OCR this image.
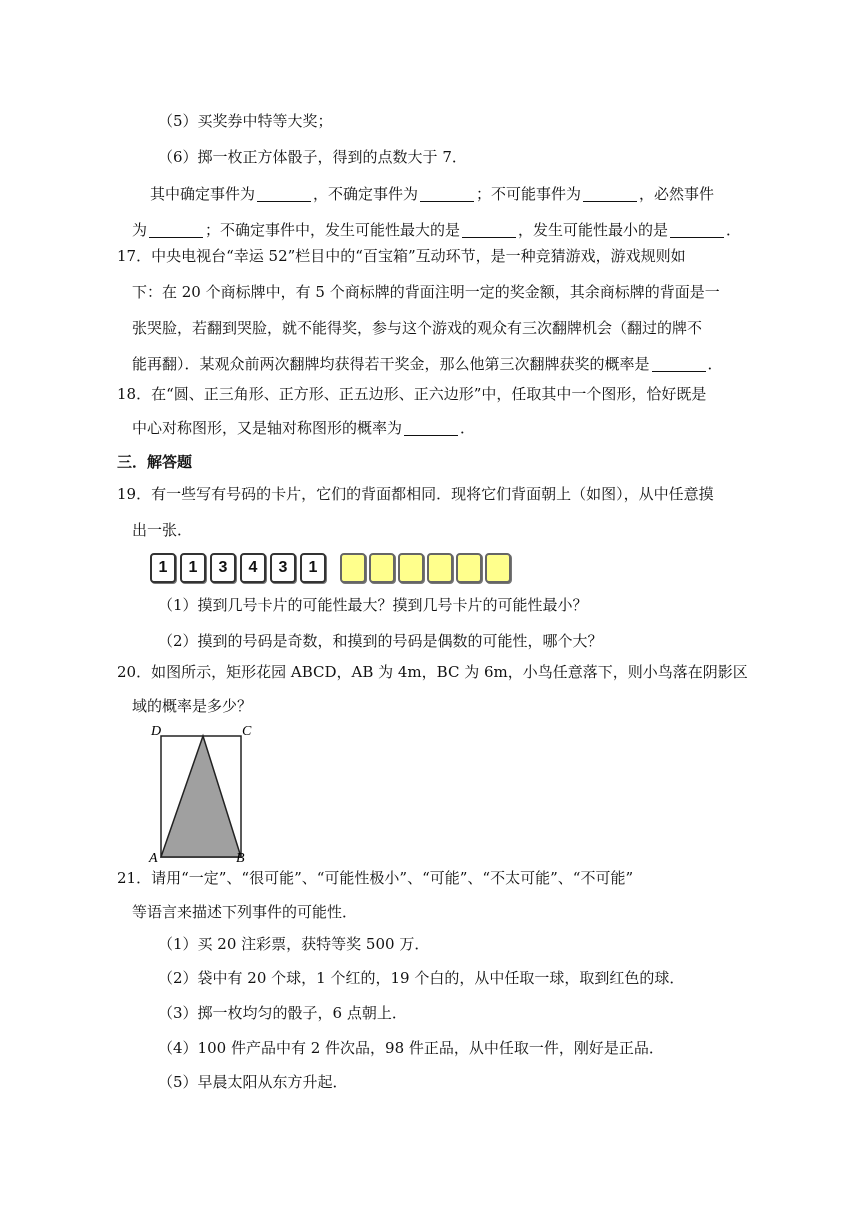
（5）买奖券中特等大奖；
（6）掷一枚正方体骰子，得到的点数大于 7．
其中确定事件为	，不确定事件为	；不可能事件为	，必然事件
为	；不确定事件中，发生可能性最大的是	，发生可能性最小的是	．
17．中央电视台“幸运 52”栏目中的“百宝箱”互动环节，是一种竞猜游戏，游戏规则如
下：在 20 个商标牌中，有 5 个商标牌的背面注明一定的奖金额，其余商标牌的背面是一
张哭脸，若翻到哭脸，就不能得奖，参与这个游戏的观众有三次翻牌机会（翻过的牌不
能再翻）．某观众前两次翻牌均获得若干奖金，那么他第三次翻牌获奖的概率是	．
18．在“圆、正三角形、正方形、正五边形、正六边形”中，任取其中一个图形，恰好既是
中心对称图形，又是轴对称图形的概率为	．
三．解答题
19．有一些写有号码的卡片，它们的背面都相同．现将它们背面朝上（如图），从中任意摸
出一张．
1	1	3	4	3	1
（1）摸到几号卡片的可能性最大？摸到几号卡片的可能性最小？
（2）摸到的号码是奇数，和摸到的号码是偶数的可能性，哪个大？
20．如图所示，矩形花园 ABCD，AB 为 4m，BC 为 6m，小鸟任意落下，则小鸟落在阴影区
域的概率是多少？
D	C
A	B
21．请用“一定”、“很可能”、“可能性极小”、“可能”、“不太可能”、“不可能”
等语言来描述下列事件的可能性．
（1）买 20 注彩票，获特等奖 500 万．
（2）袋中有 20 个球，1 个红的，19 个白的，从中任取一球，取到红色的球．
（3）掷一枚均匀的骰子，6 点朝上．
（4）100 件产品中有 2 件次品，98 件正品，从中任取一件，刚好是正品．
（5）早晨太阳从东方升起．
